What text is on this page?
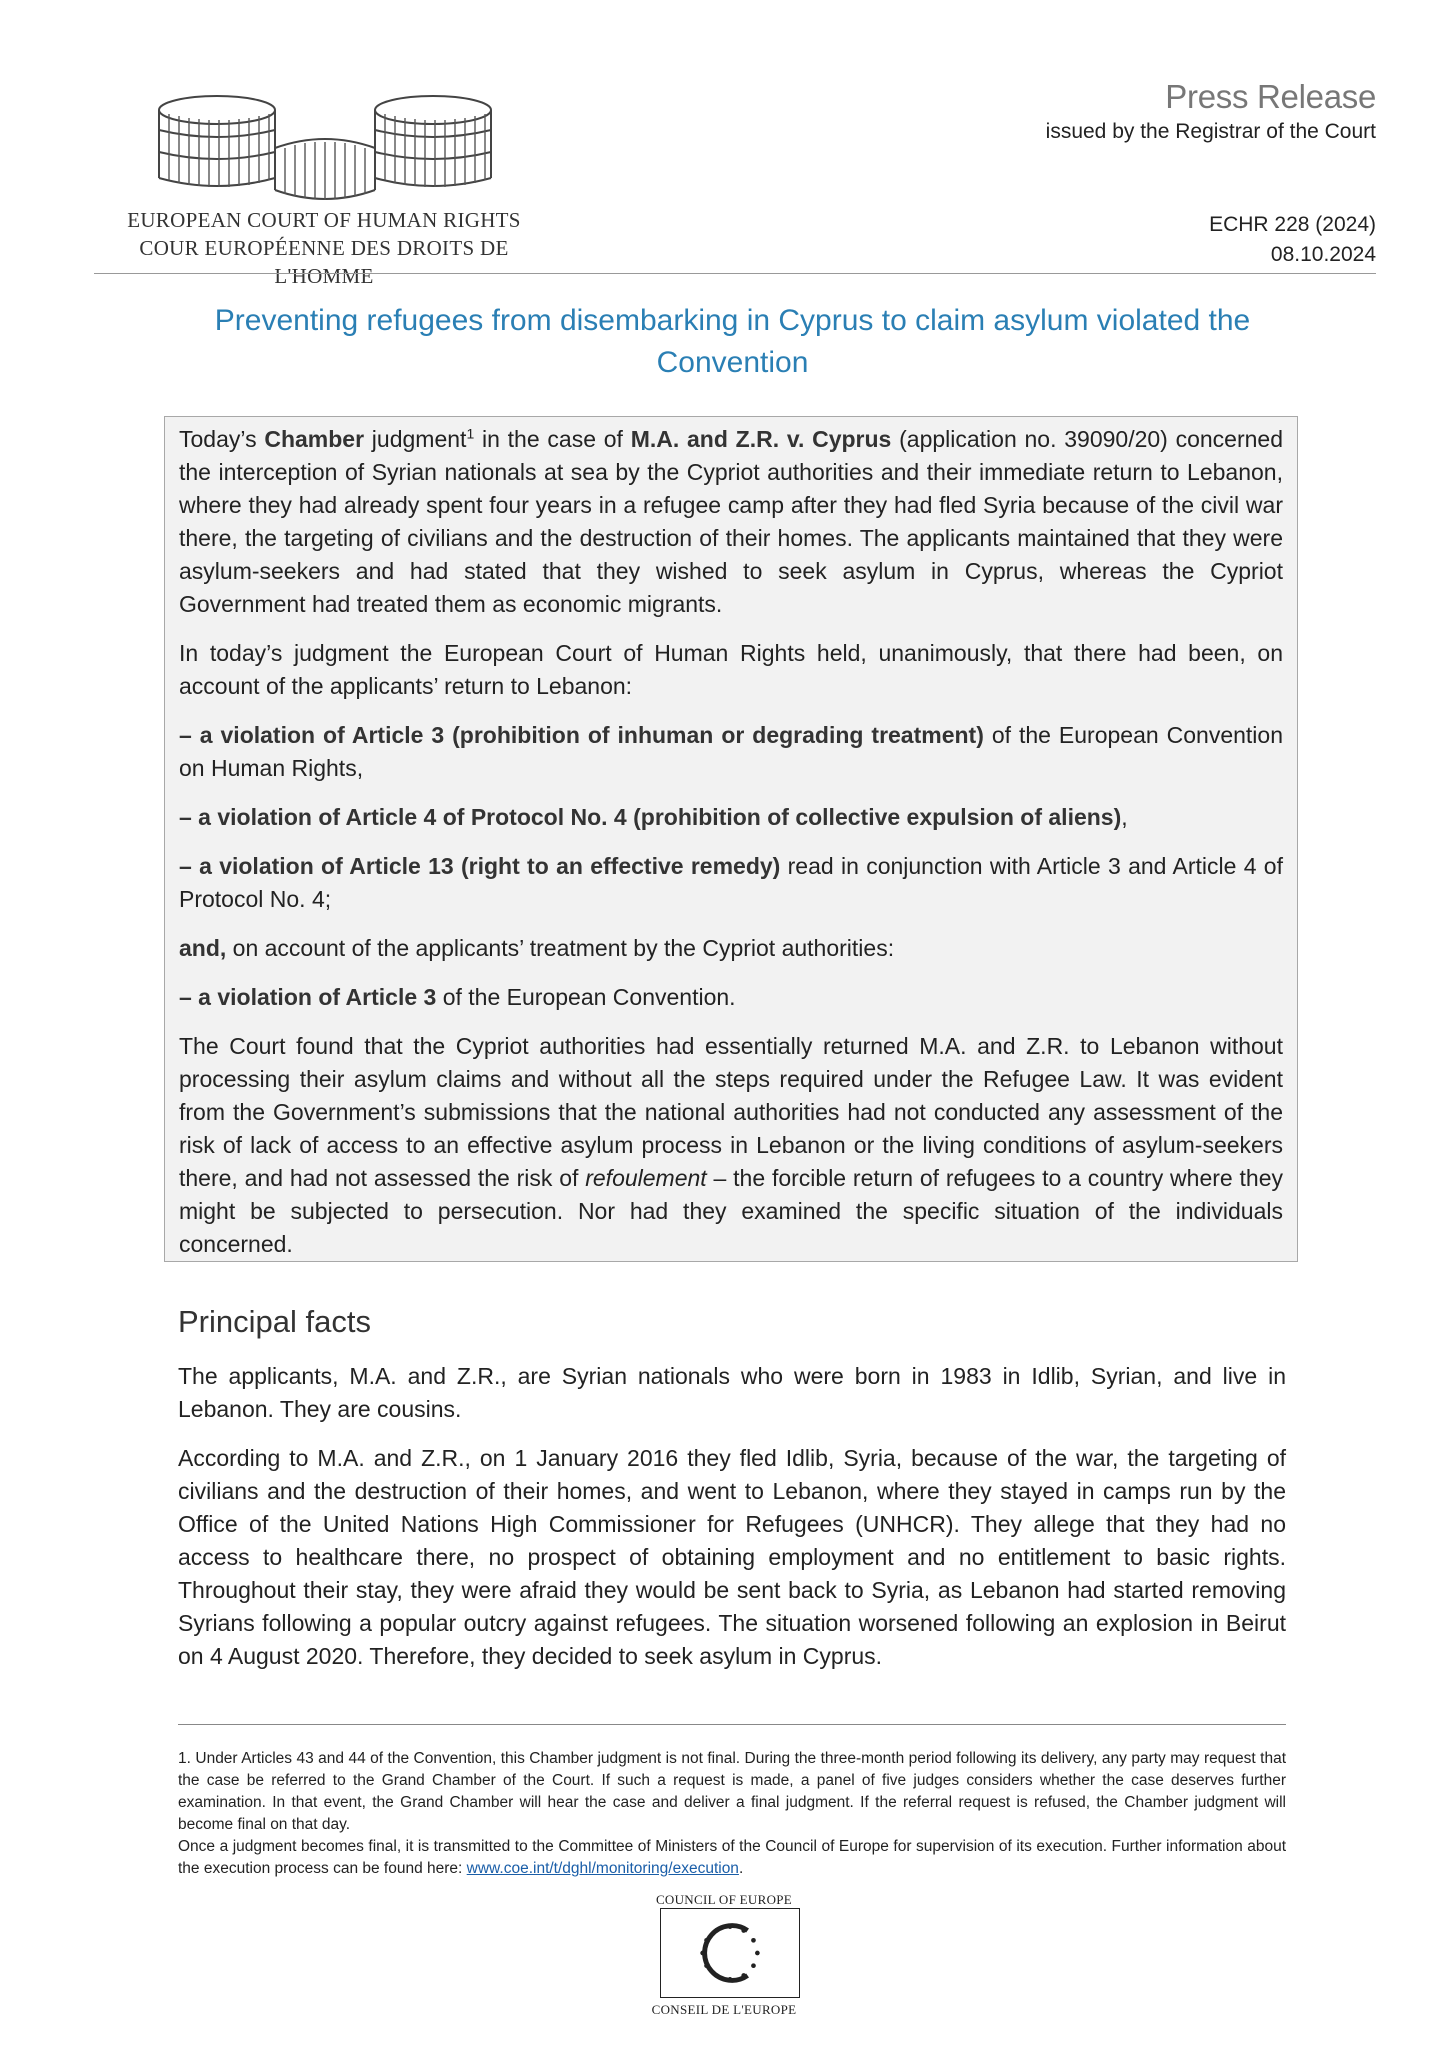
EUROPEAN COURT OF HUMAN RIGHTS
COUR EUROPÉENNE DES DROITS DE L'HOMME
Press Release
issued by the Registrar of the Court
ECHR 228 (2024)
08.10.2024
Preventing refugees from disembarking in Cyprus to claim asylum violated the Convention

Today’s Chamber judgment$^1$ in the case of M.A. and Z.R. v. Cyprus (application no. 39090/20) concerned the interception of Syrian nationals at sea by the Cypriot authorities and their immediate return to Lebanon, where they had already spent four years in a refugee camp after they had fled Syria because of the civil war there, the targeting of civilians and the destruction of their homes. The applicants maintained that they were asylum-seekers and had stated that they wished to seek asylum in Cyprus, whereas the Cypriot Government had treated them as economic migrants.

In today’s judgment the European Court of Human Rights held, unanimously, that there had been, on account of the applicants’ return to Lebanon:

– a violation of Article 3 (prohibition of inhuman or degrading treatment) of the European Convention on Human Rights,

– a violation of Article 4 of Protocol No. 4 (prohibition of collective expulsion of aliens),

– a violation of Article 13 (right to an effective remedy) read in conjunction with Article 3 and Article 4 of Protocol No. 4;

and, on account of the applicants’ treatment by the Cypriot authorities:

– a violation of Article 3 of the European Convention.

The Court found that the Cypriot authorities had essentially returned M.A. and Z.R. to Lebanon without processing their asylum claims and without all the steps required under the Refugee Law. It was evident from the Government’s submissions that the national authorities had not conducted any assessment of the risk of lack of access to an effective asylum process in Lebanon or the living conditions of asylum-seekers there, and had not assessed the risk of refoulement – the forcible return of refugees to a country where they might be subjected to persecution. Nor had they examined the specific situation of the individuals concerned.

Principal facts

The applicants, M.A. and Z.R., are Syrian nationals who were born in 1983 in Idlib, Syrian, and live in Lebanon. They are cousins.

According to M.A. and Z.R., on 1 January 2016 they fled Idlib, Syria, because of the war, the targeting of civilians and the destruction of their homes, and went to Lebanon, where they stayed in camps run by the Office of the United Nations High Commissioner for Refugees (UNHCR). They allege that they had no access to healthcare there, no prospect of obtaining employment and no entitlement to basic rights. Throughout their stay, they were afraid they would be sent back to Syria, as Lebanon had started removing Syrians following a popular outcry against refugees. The situation worsened following an explosion in Beirut on 4 August 2020. Therefore, they decided to seek asylum in Cyprus.

1. Under Articles 43 and 44 of the Convention, this Chamber judgment is not final. During the three-month period following its delivery, any party may request that the case be referred to the Grand Chamber of the Court. If such a request is made, a panel of five judges considers whether the case deserves further examination. In that event, the Grand Chamber will hear the case and deliver a final judgment. If the referral request is refused, the Chamber judgment will become final on that day.

Once a judgment becomes final, it is transmitted to the Committee of Ministers of the Council of Europe for supervision of its execution. Further information about the execution process can be found here: www.coe.int/t/dghl/monitoring/execution.

COUNCIL OF EUROPE
CONSEIL DE L'EUROPE
